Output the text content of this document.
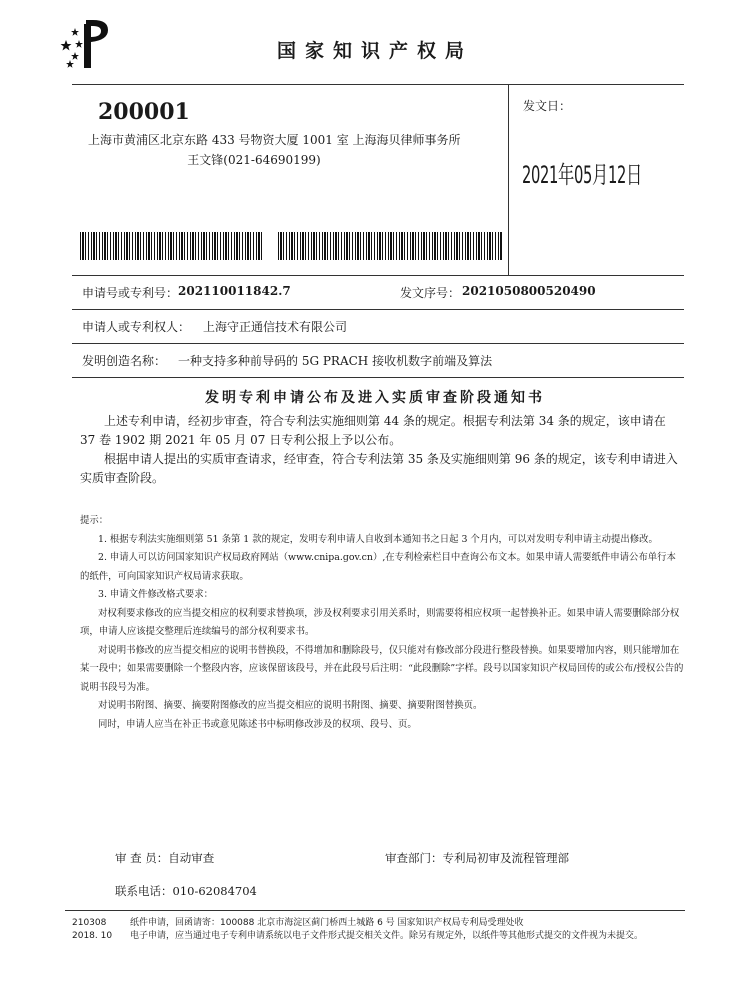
国家知识产权局
200001
上海市黄浦区北京东路 433 号物资大厦 1001 室 上海海贝律师事务所
王文锋(021-64690199)
发文日：
2021年05月12日
申请号或专利号： 202110011842.7	发文序号： 2021050800520490
申请人或专利权人： 上海守正通信技术有限公司
发明创造名称： 一种支持多种前导码的 5G PRACH 接收机数字前端及算法
发明专利申请公布及进入实质审查阶段通知书

上述专利申请，经初步审查，符合专利法实施细则第 44 条的规定。根据专利法第 34 条的规定，该申请在 37 卷 1902 期 2021 年 05 月 07 日专利公报上予以公布。

根据申请人提出的实质审查请求，经审查，符合专利法第 35 条及实施细则第 96 条的规定，该专利申请进入实质审查阶段。

提示：

1. 根据专利法实施细则第 51 条第 1 款的规定，发明专利申请人自收到本通知书之日起 3 个月内，可以对发明专利申请主动提出修改。

2. 申请人可以访问国家知识产权局政府网站（www.cnipa.gov.cn）,在专利检索栏目中查询公布文本。如果申请人需要纸件申请公布单行本的纸件，可向国家知识产权局请求获取。

3. 申请文件修改格式要求：

对权利要求修改的应当提交相应的权利要求替换项，涉及权利要求引用关系时，则需要将相应权项一起替换补正。如果申请人需要删除部分权项，申请人应该提交整理后连续编号的部分权利要求书。

对说明书修改的应当提交相应的说明书替换段，不得增加和删除段号，仅只能对有修改部分段进行整段替换。如果要增加内容，则只能增加在某一段中；如果需要删除一个整段内容，应该保留该段号，并在此段号后注明：“此段删除”字样。段号以国家知识产权局回传的或公布/授权公告的说明书段号为准。

对说明书附图、摘要、摘要附图修改的应当提交相应的说明书附图、摘要、摘要附图替换页。

同时，申请人应当在补正书或意见陈述书中标明修改涉及的权项、段号、页。

审 查 员：自动审查	审查部门：专利局初审及流程管理部
联系电话：010-62084704
210308	纸件申请，回函请寄：100088 北京市海淀区蓟门桥西土城路 6 号 国家知识产权局专利局受理处收
2018. 10	电子申请，应当通过电子专利申请系统以电子文件形式提交相关文件。除另有规定外，以纸件等其他形式提交的文件视为未提交。
